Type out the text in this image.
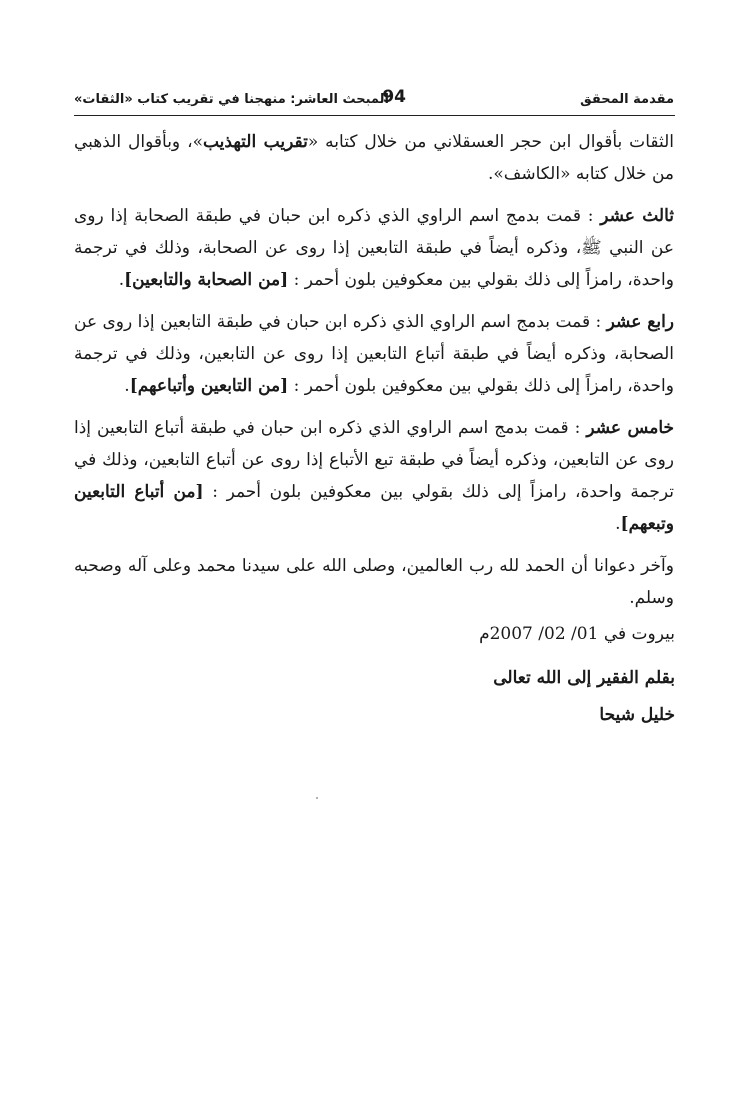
مقدمة المحقق
94
المبحث العاشر: منهجنا في تقريب كتاب «الثقات»

الثقات بأقوال ابن حجر العسقلاني من خلال كتابه «تقريب التهذيب»، وبأقوال الذهبي من خلال كتابه «الكاشف».

ثالث عشر : قمت بدمج اسم الراوي الذي ذكره ابن حبان في طبقة الصحابة إذا روى عن النبي ﷺ، وذكره أيضاً في طبقة التابعين إذا روى عن الصحابة، وذلك في ترجمة واحدة، رامزاً إلى ذلك بقولي بين معكوفين بلون أحمر : [من الصحابة والتابعين].

رابع عشر : قمت بدمج اسم الراوي الذي ذكره ابن حبان في طبقة التابعين إذا روى عن الصحابة، وذكره أيضاً في طبقة أتباع التابعين إذا روى عن التابعين، وذلك في ترجمة واحدة، رامزاً إلى ذلك بقولي بين معكوفين بلون أحمر : [من التابعين وأتباعهم].

خامس عشر : قمت بدمج اسم الراوي الذي ذكره ابن حبان في طبقة أتباع التابعين إذا روى عن التابعين، وذكره أيضاً في طبقة تبع الأتباع إذا روى عن أتباع التابعين، وذلك في ترجمة واحدة، رامزاً إلى ذلك بقولي بين معكوفين بلون أحمر : [من أتباع التابعين وتبعهم].

وآخر دعوانا أن الحمد لله رب العالمين، وصلى الله على سيدنا محمد وعلى آله وصحبه وسلم.

بيروت في 01/ 02/ 2007م
بقلم الفقير إلى الله تعالى
خليل شيحا
